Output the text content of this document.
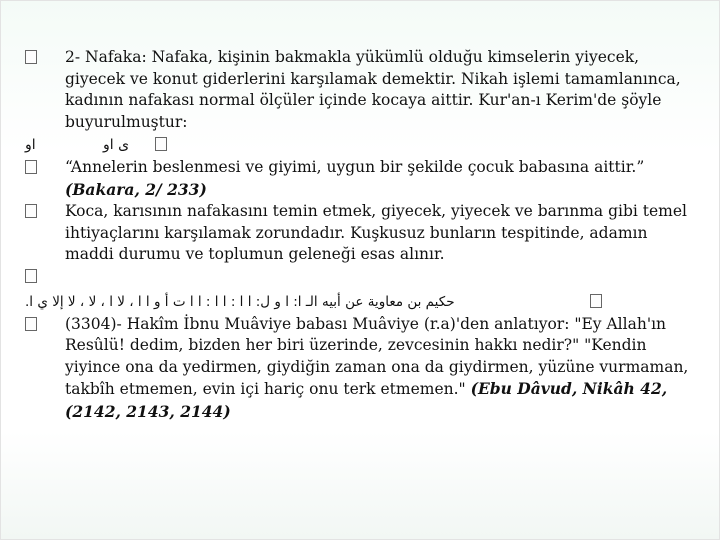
2- Nafaka: Nafaka, kişinin bakmakla yükümlü olduğu kimselerin yiyecek, giyecek ve konut giderlerini karşılamak demektir. Nikah işlemi tamamlanınca, kadının nafakası normal ölçüler içinde kocaya aittir. Kur'an-ı Kerim'de şöyle buyurulmuştur:

او	ى او

“Annelerin beslenmesi ve giyimi, uygun bir şekilde çocuk babasına aittir.” (Bakara, 2/ 233)

Koca, karısının nafakasını temin etmek, giyecek, yiyecek ve barınma gibi temel ihtiyaçlarını karşılamak zorundadır. Kuşkusuz bunların tespitinde, adamın maddi durumu ve toplumun geleneği esas alınır.

حكيم بن معاوية عن أبيه الـ ا: ا و ل: ا ا : ا ا : ا ا ت أ و ا ا ، لا ا ، لا ، لا إلا ي ا.

(3304)- Hakîm İbnu Muâviye babası Muâviye (r.a)'den anlatıyor: "Ey Allah'ın Resûlü! dedim, bizden her biri üzerinde, zevcesinin hakkı nedir?" "Kendin yiyince ona da yedirmen, giydiğin zaman ona da giydirmen, yüzüne vurmaman, takbîh etmemen, evin içi hariç onu terk etmemen." (Ebu Dâvud, Nikâh 42, (2142, 2143, 2144)
